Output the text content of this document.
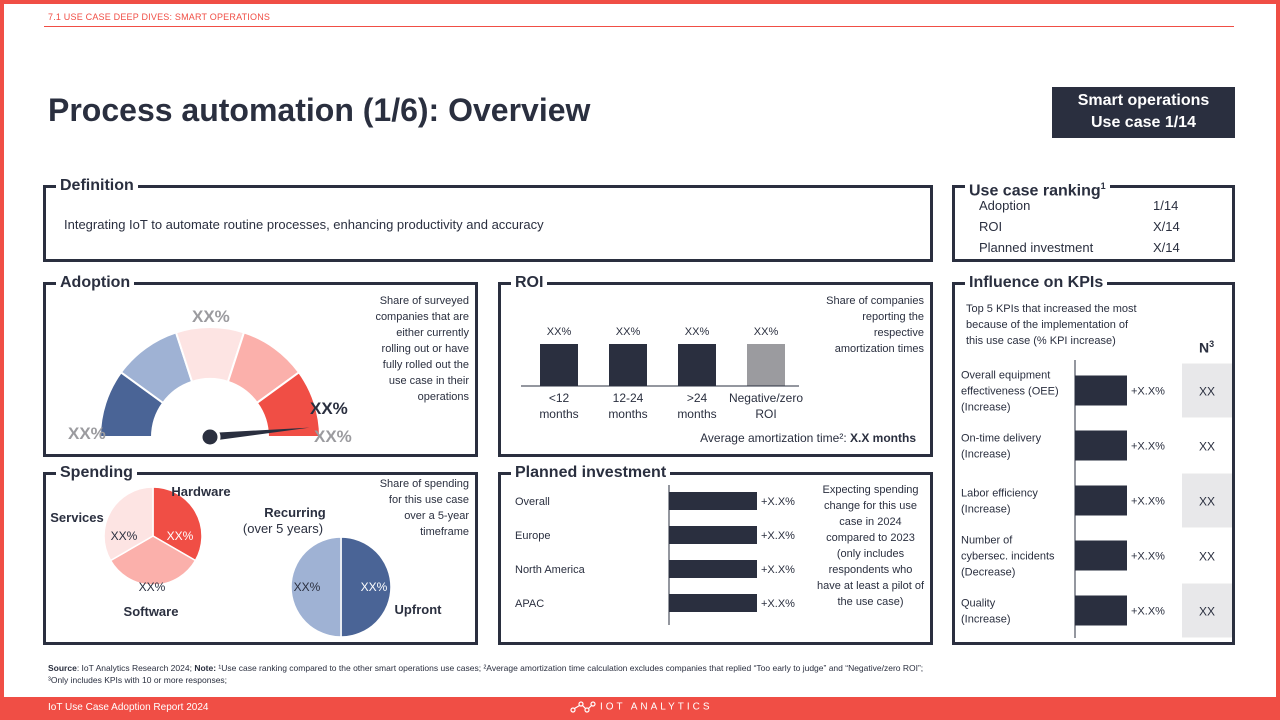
7.1 USE CASE DEEP DIVES: SMART OPERATIONS
Process automation (1/6): Overview	Smart operations
Use case 1/14
Definition
Integrating IoT to automate routine processes, enhancing productivity and accuracy
Use case ranking$^1$
Adoption	1/14
ROI	X/14
Planned investment	X/14
XX%
XX%
XX%
XX%
Adoption
Share of surveyed
companies that are
either currently
rolling out or have
fully rolled out the
use case in their
operations
XX%
<12
months
XX%
12-24
months
XX%
>24
months
XX%
Negative/zero
ROI
ROI
Share of companies
reporting the
respective
amortization times
Average amortization time²: X.X months
XX%
XX%
XX%
Hardware
Software
Services
XX%
XX%
Upfront
Recurring
(over 5 years)
Spending
Share of spending
for this use case
over a 5-year
timeframe
Overall	+X.X%
Europe	+X.X%
North America	+X.X%
APAC	+X.X%
Planned investment
Expecting spending
change for this use
case in 2024
compared to 2023
(only includes
respondents who
have at least a pilot of
the use case)
Overall equipment
effectiveness (OEE)
(Increase)
+X.X%	XX
On-time delivery
(Increase)
+X.X%	XX
Labor efficiency
(Increase)
+X.X%	XX
Number of
cybersec. incidents
(Decrease)
+X.X%	XX
Quality
(Increase)
+X.X%	XX
Influence on KPIs
Top 5 KPIs that increased the most
because of the implementation of
this use case (% KPI increase)	$N^3$
Source: IoT Analytics Research 2024; Note: ¹Use case ranking compared to the other smart operations use cases; ²Average amortization time calculation excludes companies that replied “Too early to judge” and “Negative/zero ROI”;
³Only includes KPIs with 10 or more responses;
IoT Use Case Adoption Report 2024	IOT ANALYTICS
